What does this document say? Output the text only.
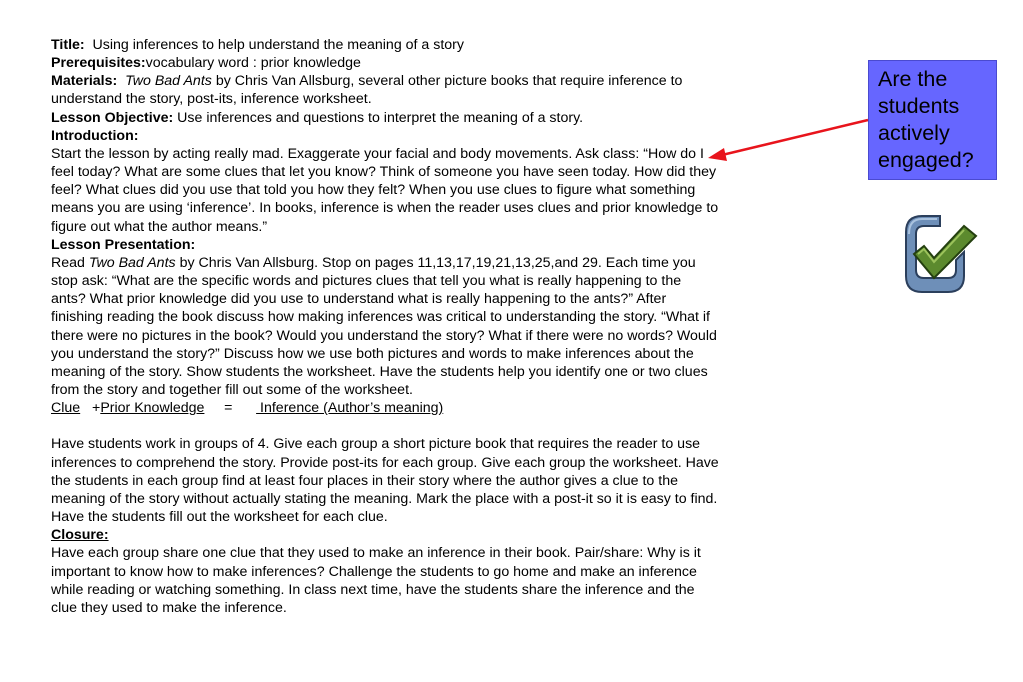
Title: Using inferences to help understand the meaning of a story

Prerequisites:vocabulary word : prior knowledge

Materials: Two Bad Ants by Chris Van Allsburg, several other picture books that require inference to understand the story, post-its, inference worksheet.

Lesson Objective: Use inferences and questions to interpret the meaning of a story.

Introduction:

Start the lesson by acting really mad. Exaggerate your facial and body movements. Ask class: “How do I feel today? What are some clues that let you know? Think of someone you have seen today. How did they feel? What clues did you use that told you how they felt? When you use clues to figure what something means you are using ‘inference’. In books, inference is when the reader uses clues and prior knowledge to figure out what the author means.”

Lesson Presentation:

Read Two Bad Ants by Chris Van Allsburg. Stop on pages 11,13,17,19,21,13,25,and 29. Each time you stop ask: “What are the specific words and pictures clues that tell you what is really happening to the ants? What prior knowledge did you use to understand what is really happening to the ants?” After finishing reading the book discuss how making inferences was critical to understanding the story. “What if there were no pictures in the book? Would you understand the story? What if there were no words? Would you understand the story?” Discuss how we use both pictures and words to make inferences about the meaning of the story. Show students the worksheet. Have the students help you identify one or two clues from the story and together fill out some of the worksheet.

Clue +Prior Knowledge =       Inference (Author’s meaning)

Have students work in groups of 4. Give each group a short picture book that requires the reader to use inferences to comprehend the story. Provide post-its for each group. Give each group the worksheet. Have the students in each group find at least four places in their story where the author gives a clue to the meaning of the story without actually stating the meaning. Mark the place with a post-it so it is easy to find. Have the students fill out the worksheet for each clue.

Closure:

Have each group share one clue that they used to make an inference in their book. Pair/share: Why is it important to know how to make inferences? Challenge the students to go home and make an inference while reading or watching something. In class next time, have the students share the inference and the clue they used to make the inference.

Are the students actively engaged?
